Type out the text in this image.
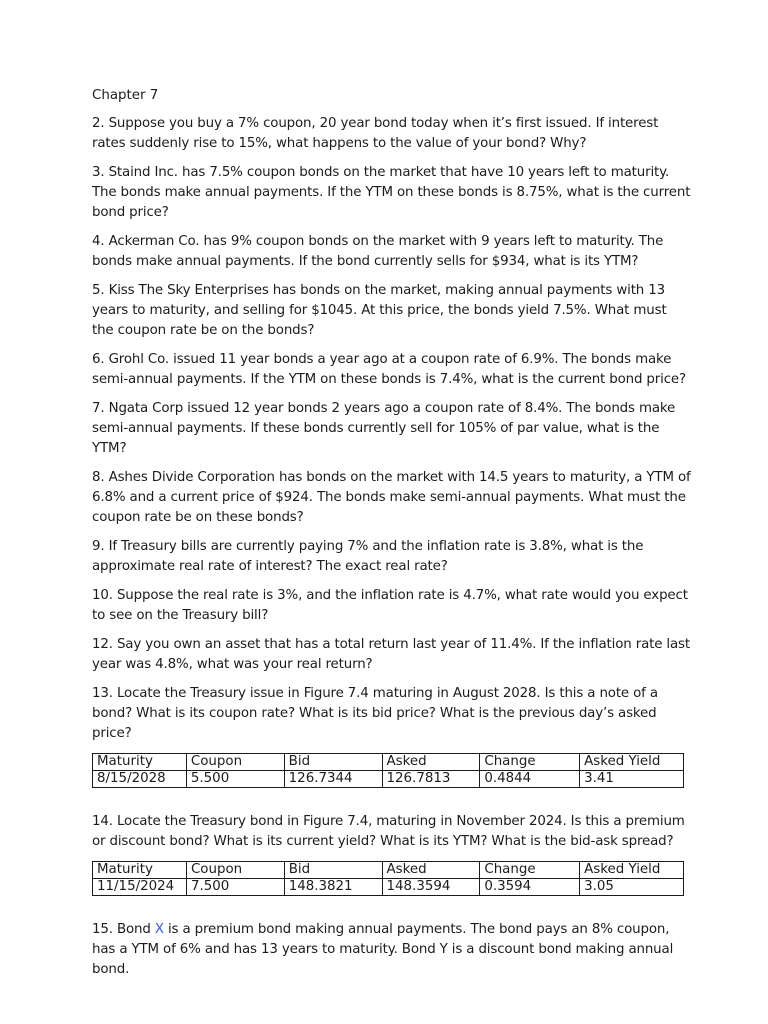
Chapter 7

2. Suppose you buy a 7% coupon, 20 year bond today when it’s first issued. If interest rates suddenly rise to 15%, what happens to the value of your bond? Why?

3. Staind Inc. has 7.5% coupon bonds on the market that have 10 years left to maturity. The bonds make annual payments. If the YTM on these bonds is 8.75%, what is the current bond price?

4. Ackerman Co. has 9% coupon bonds on the market with 9 years left to maturity. The bonds make annual payments. If the bond currently sells for $934, what is its YTM?

5. Kiss The Sky Enterprises has bonds on the market, making annual payments with 13 years to maturity, and selling for $1045. At this price, the bonds yield 7.5%. What must the coupon rate be on the bonds?

6. Grohl Co. issued 11 year bonds a year ago at a coupon rate of 6.9%. The bonds make semi-annual payments. If the YTM on these bonds is 7.4%, what is the current bond price?

7. Ngata Corp issued 12 year bonds 2 years ago a coupon rate of 8.4%. The bonds make semi-annual payments. If these bonds currently sell for 105% of par value, what is the YTM?

8. Ashes Divide Corporation has bonds on the market with 14.5 years to maturity, a YTM of 6.8% and a current price of $924. The bonds make semi-annual payments. What must the coupon rate be on these bonds?

9. If Treasury bills are currently paying 7% and the inflation rate is 3.8%, what is the approximate real rate of interest? The exact real rate?

10. Suppose the real rate is 3%, and the inflation rate is 4.7%, what rate would you expect to see on the Treasury bill?

12. Say you own an asset that has a total return last year of 11.4%. If the inflation rate last year was 4.8%, what was your real return?

13. Locate the Treasury issue in Figure 7.4 maturing in August 2028. Is this a note of a bond? What is its coupon rate? What is its bid price? What is the previous day’s asked price?

Maturity	Coupon	Bid	Asked	Change	Asked Yield
8/15/2028	5.500	126.7344	126.7813	0.4844	3.41

14. Locate the Treasury bond in Figure 7.4, maturing in November 2024. Is this a premium or discount bond? What is its current yield? What is its YTM? What is the bid-ask spread?

Maturity	Coupon	Bid	Asked	Change	Asked Yield
11/15/2024	7.500	148.3821	148.3594	0.3594	3.05

15. Bond X is a premium bond making annual payments. The bond pays an 8% coupon, has a YTM of 6% and has 13 years to maturity. Bond Y is a discount bond making annual bond.
